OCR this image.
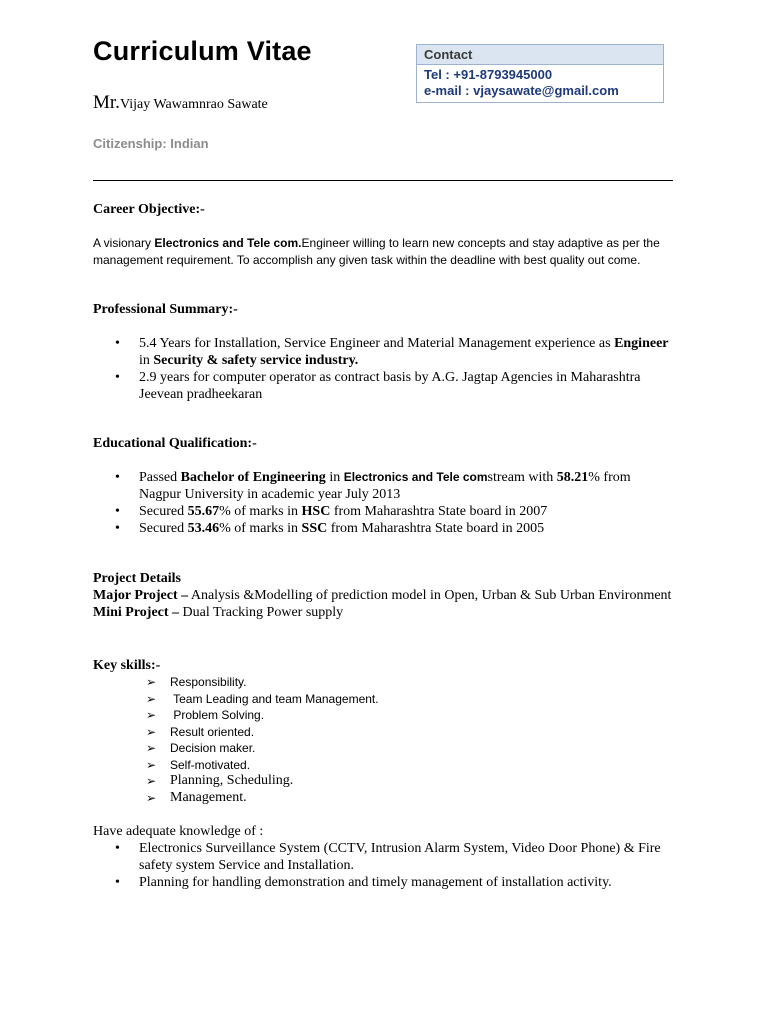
Curriculum Vitae
Mr.Vijay Wawamnrao Sawate
Citizenship: Indian
Contact
Tel : +91-8793945000
e-mail : vjaysawate@gmail.com
Career Objective:-
A visionary Electronics and Tele com.Engineer willing to learn new concepts and stay adaptive as per the management requirement. To accomplish any given task within the deadline with best quality out come.
Professional Summary:-
• 5.4 Years for Installation, Service Engineer and Material Management experience as Engineer in Security & safety service industry.
• 2.9 years for computer operator as contract basis by A.G. Jagtap Agencies in Maharashtra Jeevean pradheekaran
Educational Qualification:-
• Passed Bachelor of Engineering in Electronics and Tele comstream with 58.21% from Nagpur University in academic year July 2013
• Secured 55.67% of marks in HSC from Maharashtra State board in 2007
• Secured 53.46% of marks in SSC from Maharashtra State board in 2005
Project Details
Major Project – Analysis &Modelling of prediction model in Open, Urban & Sub Urban Environment
Mini Project – Dual Tracking Power supply
Key skills:-
➢ Responsibility.
➢ Team Leading and team Management.
➢ Problem Solving.
➢ Result oriented.
➢ Decision maker.
➢ Self-motivated.
➢ Planning, Scheduling.
➢ Management.
Have adequate knowledge of :
• Electronics Surveillance System (CCTV, Intrusion Alarm System, Video Door Phone) & Fire safety system Service and Installation.
• Planning for handling demonstration and timely management of installation activity.
